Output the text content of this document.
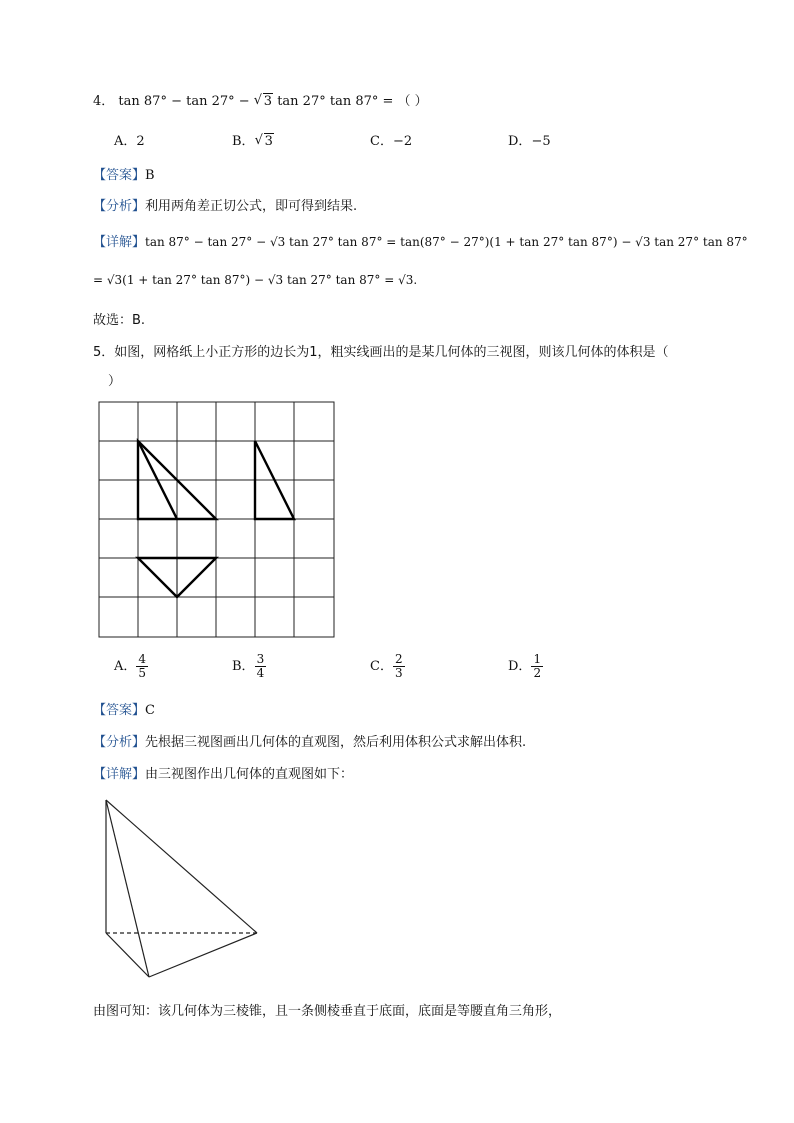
4． tan 87° − tan 27° − √ 3 tan 27° tan 87° = （ ）
A．2	B．√ 3	C．−2	D．−5
【答案】B
【分析】利用两角差正切公式，即可得到结果.
【详解】tan 87° − tan 27° − √3 tan 27° tan 87° = tan(87° − 27°)(1 + tan 27° tan 87°) − √3 tan 27° tan 87°
= √3(1 + tan 27° tan 87°) − √3 tan 27° tan 87° = √3.
故选：B.
5．如图，网格纸上小正方形的边长为1，粗实线画出的是某几何体的三视图，则该几何体的体积是（
）
A． $\frac{4}{5}$	B． $\frac{3}{4}$	C． $\frac{2}{3}$	D． $\frac{1}{2}$
【答案】C
【分析】先根据三视图画出几何体的直观图，然后利用体积公式求解出体积.
【详解】由三视图作出几何体的直观图如下：
由图可知：该几何体为三棱锥，且一条侧棱垂直于底面，底面是等腰直角三角形，
